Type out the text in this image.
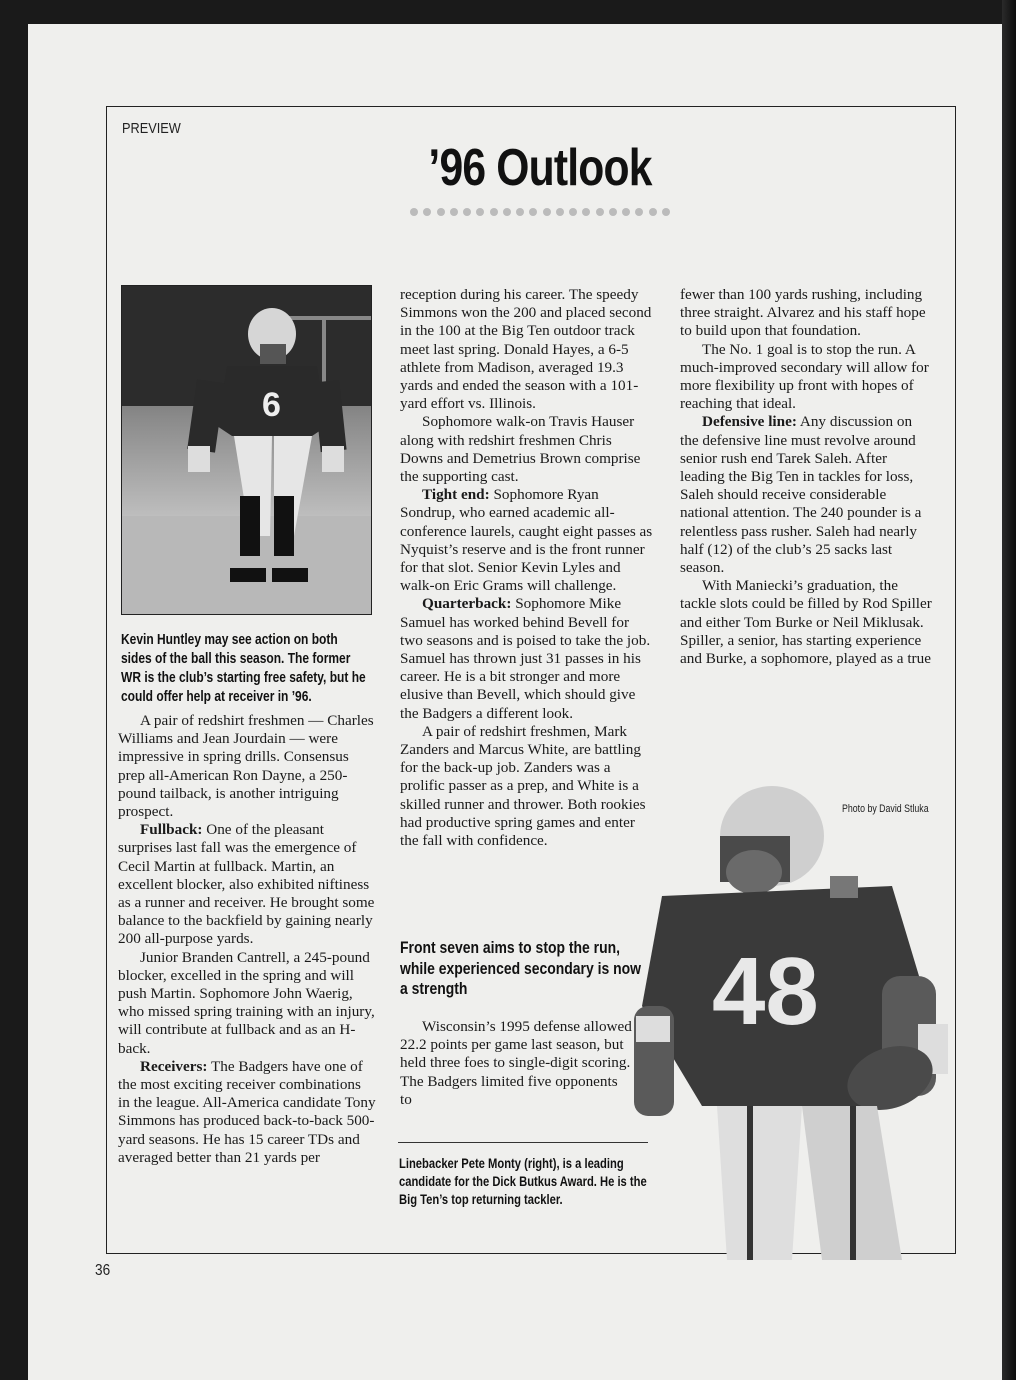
PREVIEW
’96 Outlook
6
Kevin Huntley may see action on both sides of the ball this season. The former WR is the club’s starting free safety, but he could offer help at receiver in ’96.

A pair of redshirt freshmen — Charles Williams and Jean Jourdain — were impressive in spring drills. Consensus prep all-American Ron Dayne, a 250-pound tailback, is another intriguing prospect.

Fullback: One of the pleasant surprises last fall was the emergence of Cecil Martin at fullback. Martin, an excellent blocker, also exhibited niftiness as a runner and receiver. He brought some balance to the backfield by gaining nearly 200 all-purpose yards.

Junior Branden Cantrell, a 245-pound blocker, excelled in the spring and will push Martin. Sophomore John Waerig, who missed spring training with an injury, will contribute at fullback and as an H-back.

Receivers: The Badgers have one of the most exciting receiver combinations in the league. All-America candidate Tony Simmons has produced back-to-back 500-yard seasons. He has 15 career TDs and averaged better than 21 yards per

reception during his career. The speedy Simmons won the 200 and placed second in the 100 at the Big Ten outdoor track meet last spring. Donald Hayes, a 6-5 athlete from Madison, averaged 19.3 yards and ended the season with a 101-yard effort vs. Illinois.

Sophomore walk-on Travis Hauser along with redshirt freshmen Chris Downs and Demetrius Brown comprise the supporting cast.

Tight end: Sophomore Ryan Sondrup, who earned academic all-conference laurels, caught eight passes as Nyquist’s reserve and is the front runner for that slot. Senior Kevin Lyles and walk-on Eric Grams will challenge.

Quarterback: Sophomore Mike Samuel has worked behind Bevell for two seasons and is poised to take the job. Samuel has thrown just 31 passes in his career. He is a bit stronger and more elusive than Bevell, which should give the Badgers a different look.

A pair of redshirt freshmen, Mark Zanders and Marcus White, are battling for the back-up job. Zanders was a prolific passer as a prep, and White is a skilled runner and thrower. Both rookies had productive spring games and enter the fall with confidence.

Front seven aims to stop the run, while experienced secondary is now a strength

Wisconsin’s 1995 defense allowed 22.2 points per game last season, but held three foes to single-digit scoring. The Badgers limited five opponents to

Linebacker Pete Monty (right), is a leading candidate for the Dick Butkus Award. He is the Big Ten’s top returning tackler.

fewer than 100 yards rushing, including three straight. Alvarez and his staff hope to build upon that foundation.

The No. 1 goal is to stop the run. A much-improved secondary will allow for more flexibility up front with hopes of reaching that ideal.

Defensive line: Any discussion on the defensive line must revolve around senior rush end Tarek Saleh. After leading the Big Ten in tackles for loss, Saleh should receive considerable national attention. The 240 pounder is a relentless pass rusher. Saleh had nearly half (12) of the club’s 25 sacks last season.

With Maniecki’s graduation, the tackle slots could be filled by Rod Spiller and either Tom Burke or Neil Miklusak. Spiller, a senior, has starting experience and Burke, a sophomore, played as a true

48
Photo by David Stluka
36
